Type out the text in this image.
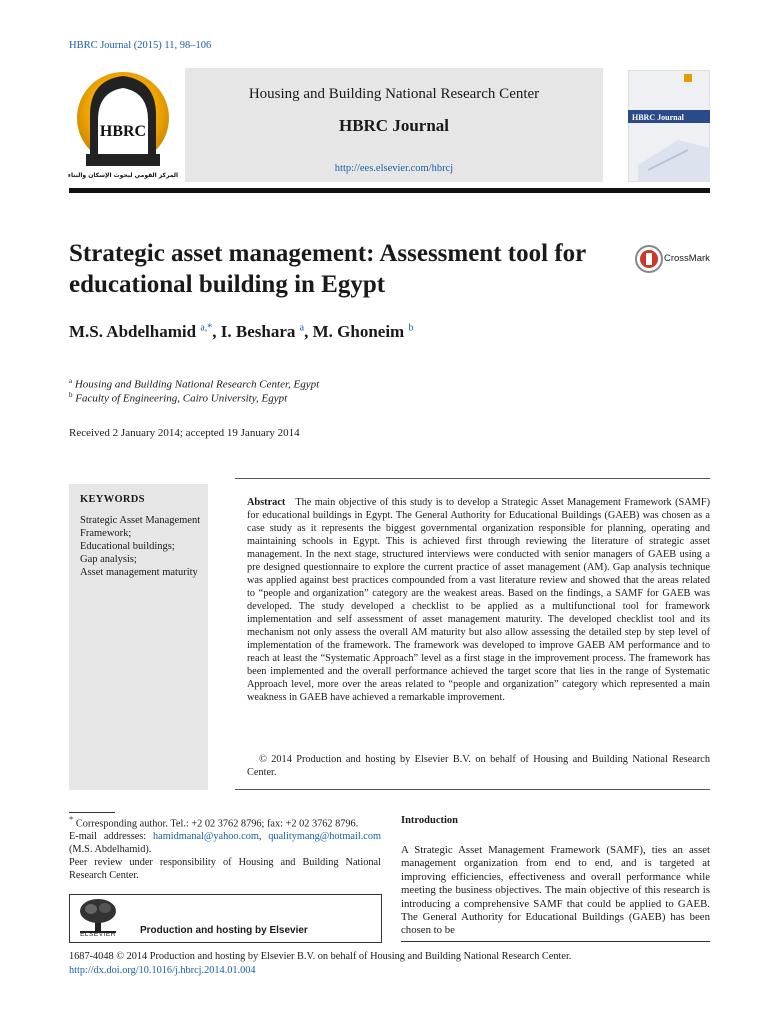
HBRC Journal (2015) 11, 98–106
HBRC
المركز القومي لبحوث الإسكان والبناء
Housing and Building National Research Center
HBRC Journal
http://ees.elsevier.com/hbrcj
HBRC Journal
Strategic asset management: Assessment tool for educational building in Egypt
CrossMark
M.S. Abdelhamid $^{a,*}$, I. Beshara $^a$, M. Ghoneim $^b$
$^a$ Housing and Building National Research Center, Egypt
$^b$ Faculty of Engineering, Cairo University, Egypt
Received 2 January 2014; accepted 19 January 2014
KEYWORDS
Strategic Asset Management Framework;
Educational buildings;
Gap analysis;
Asset management maturity
Abstract The main objective of this study is to develop a Strategic Asset Management Framework (SAMF) for educational buildings in Egypt. The General Authority for Educational Buildings (GAEB) was chosen as a case study as it represents the biggest governmental organization responsible for planning, operating and maintaining schools in Egypt. This is achieved first through reviewing the literature of strategic asset management. In the next stage, structured interviews were conducted with senior managers of GAEB using a pre designed questionnaire to explore the current practice of asset management (AM). Gap analysis technique was applied against best practices compounded from a vast literature review and showed that the areas related to “people and organization” category are the weakest areas. Based on the findings, a SAMF for GAEB was developed. The study developed a checklist to be applied as a multifunctional tool for framework implementation and self assessment of asset management maturity. The developed checklist tool and its mechanism not only assess the overall AM maturity but also allow assessing the detailed step by step level of implementation of the framework. The framework was developed to improve GAEB AM performance and to reach at least the “Systematic Approach” level as a first stage in the improvement process. The framework has been implemented and the overall performance achieved the target score that lies in the range of Systematic Approach level, more over the areas related to “people and organization” category which represented a main weakness in GAEB have achieved a remarkable improvement.
© 2014 Production and hosting by Elsevier B.V. on behalf of Housing and Building National Research Center.

* Corresponding author. Tel.: +2 02 3762 8796; fax: +2 02 3762 8796.

E-mail addresses: hamidmanal@yahoo.com, qualitymang@hotmail.com (M.S. Abdelhamid).

Peer review under responsibility of Housing and Building National Research Center.

ELSEVIER	Production and hosting by Elsevier
Introduction
A Strategic Asset Management Framework (SAMF), ties an asset management organization from end to end, and is targeted at improving efficiencies, effectiveness and overall performance while meeting the business objectives. The main objective of this research is introducing a comprehensive SAMF that could be applied to GAEB. The General Authority for Educational Buildings (GAEB) has been chosen to be
1687-4048 © 2014 Production and hosting by Elsevier B.V. on behalf of Housing and Building National Research Center.
http://dx.doi.org/10.1016/j.hbrcj.2014.01.004
